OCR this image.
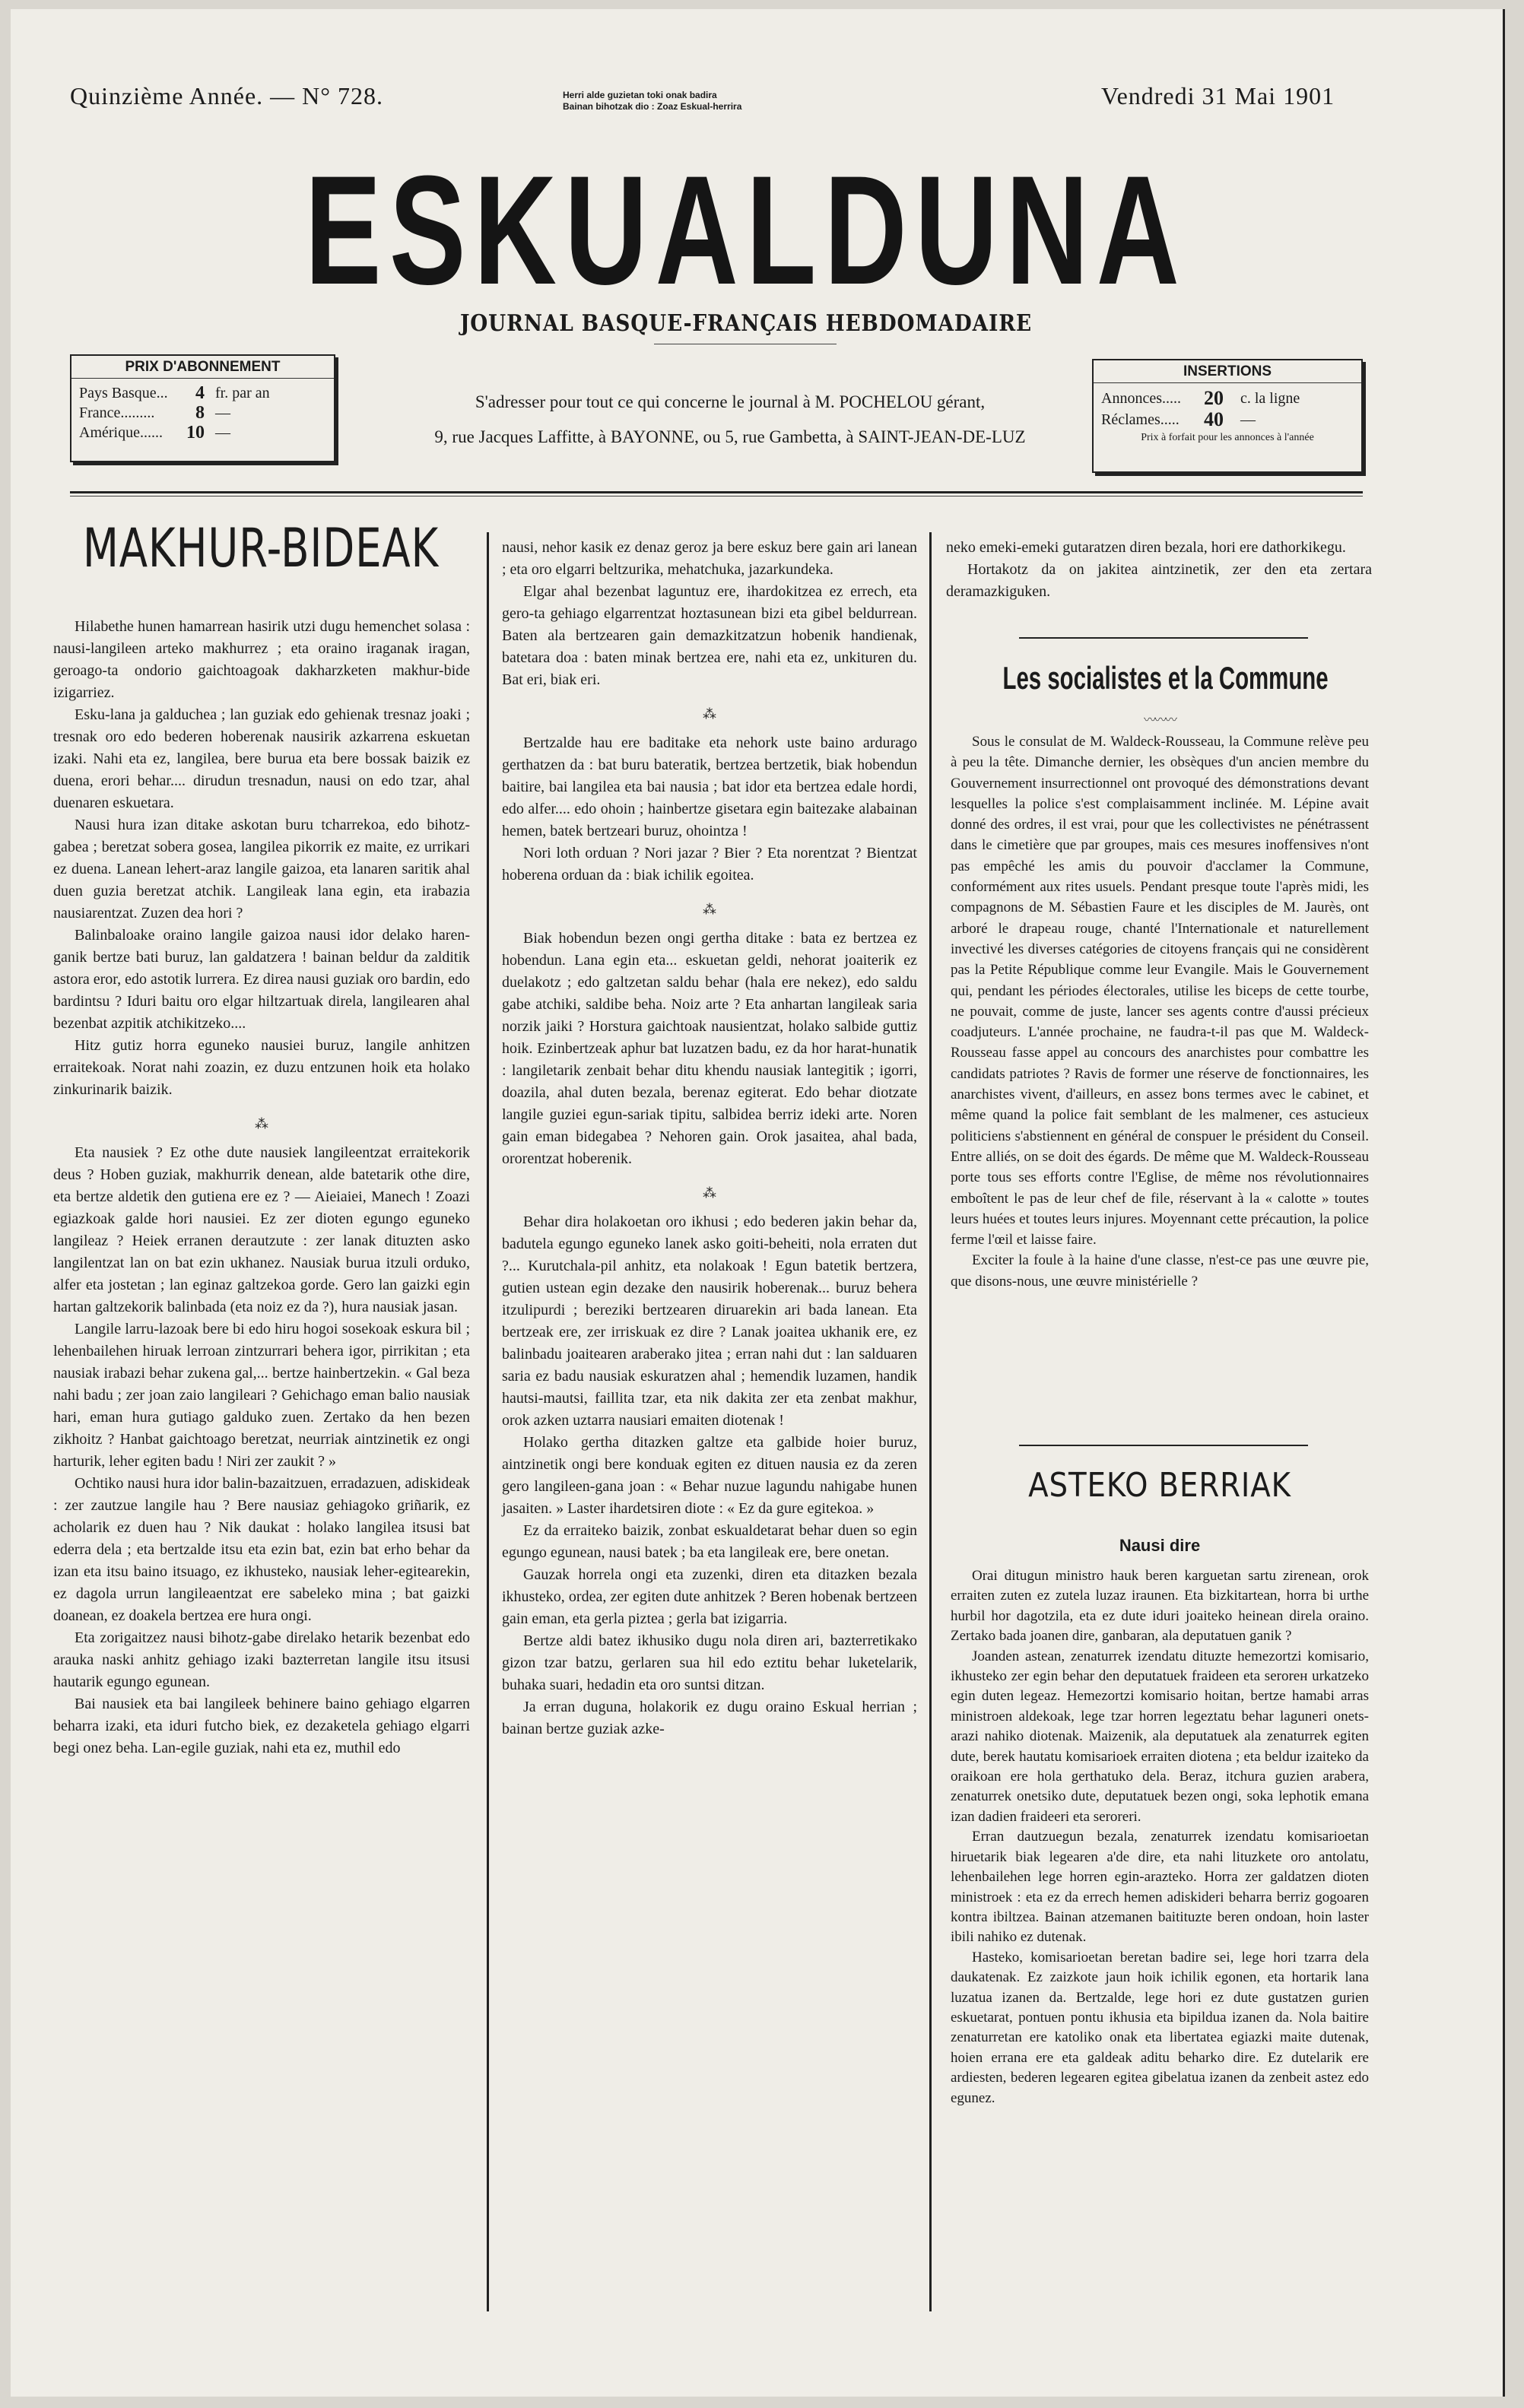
Quinzième Année. — N° 728.	Herri alde guzietan toki onak badira
Bainan bihotzak dio : Zoaz Eskual-herrira	Vendredi 31 Mai 1901
ESKUALDUNA
JOURNAL BASQUE-FRANÇAIS HEBDOMADAIRE
PRIX D'ABONNEMENT
Pays Basque...	4 fr. par an
France.........	8 —
Amérique......	10 —
S'adresser pour tout ce qui concerne le journal à M. POCHELOU gérant,
9, rue Jacques Laffitte, à BAYONNE, ou 5, rue Gambetta, à SAINT-JEAN-DE-LUZ
INSERTIONS
Annonces.....	20	c. la ligne
Réclames.....	40	—
Prix à forfait pour les annonces à l'année
MAKHUR-BIDEAK

Hilabethe hunen hamarrean hasirik utzi dugu hemenchet solasa : nausi-langileen arteko makhurrez ; eta oraino iraganak iragan, geroago-ta ondorio gaichtoagoak dakharzketen makhur-bide izigarriez.

Esku-lana ja galduchea ; lan guziak edo gehienak tresnaz joaki ; tresnak oro edo bederen hoberenak nausirik azkarrena eskuetan izaki. Nahi eta ez, langilea, bere burua eta bere bossak baizik ez duena, erori behar.... dirudun tresnadun, nausi on edo tzar, ahal duenaren eskuetara.

Nausi hura izan ditake askotan buru tcharrekoa, edo bihotz-gabea ; beretzat sobera gosea, langilea pikorrik ez maite, ez urrikari ez duena. Lanean lehert-araz langile gaizoa, eta lanaren saritik ahal duen guzia beretzat atchik. Langileak lana egin, eta irabazia nausiarentzat. Zuzen dea hori ?

Balinbaloake oraino langile gaizoa nausi idor delako haren-ganik bertze bati buruz, lan galdatzera ! bainan beldur da zalditik astora eror, edo astotik lurrera. Ez direa nausi guziak oro bardin, edo bardintsu ? Iduri baitu oro elgar hiltzartuak direla, langilearen ahal bezenbat azpitik atchikitzeko....

Hitz gutiz horra eguneko nausiei buruz, langile anhitzen erraitekoak. Norat nahi zoazin, ez duzu entzunen hoik eta holako zinkurinarik baizik.

⁂

Eta nausiek ? Ez othe dute nausiek langileentzat erraitekorik deus ? Hoben guziak, makhurrik denean, alde batetarik othe dire, eta bertze aldetik den gutiena ere ez ? — Aieiaiei, Manech ! Zoazi egiazkoak galde hori nausiei. Ez zer dioten egungo eguneko langileaz ? Heiek erranen derautzute : zer lanak dituzten asko langilentzat lan on bat ezin ukhanez. Nausiak burua itzuli orduko, alfer eta jostetan ; lan eginaz galtzekoa gorde. Gero lan gaizki egin hartan galtzekorik balinbada (eta noiz ez da ?), hura nausiak jasan.

Langile larru-lazoak bere bi edo hiru hogoi sosekoak eskura bil ; lehenbailehen hiruak lerroan zintzurrari behera igor, pirrikitan ; eta nausiak irabazi behar zukena gal,... bertze hainbertzekin. « Gal beza nahi badu ; zer joan zaio langileari ? Gehichago eman balio nausiak hari, eman hura gutiago galduko zuen. Zertako da hen bezen zikhoitz ? Hanbat gaichtoago beretzat, neurriak aintzinetik ez ongi harturik, leher egiten badu ! Niri zer zaukit ? »

Ochtiko nausi hura idor balin-bazaitzuen, erradazuen, adiskideak : zer zautzue langile hau ? Bere nausiaz gehiagoko griñarik, ez acholarik ez duen hau ? Nik daukat : holako langilea itsusi bat ederra dela ; eta bertzalde itsu eta ezin bat, ezin bat erho behar da izan eta itsu baino itsuago, ez ikhusteko, nausiak leher-egitearekin, ez dagola urrun langileaentzat ere sabeleko mina ; bat gaizki doanean, ez doakela bertzea ere hura ongi.

Eta zorigaitzez nausi bihotz-gabe direlako hetarik bezenbat edo arauka naski anhitz gehiago izaki bazterretan langile itsu itsusi hautarik egungo egunean.

Bai nausiek eta bai langileek behinere baino gehiago elgarren beharra izaki, eta iduri futcho biek, ez dezaketela gehiago elgarri begi onez beha. Lan-egile guziak, nahi eta ez, muthil edo

nausi, nehor kasik ez denaz geroz ja bere eskuz bere gain ari lanean ; eta oro elgarri beltzurika, mehatchuka, jazarkundeka.

Elgar ahal bezenbat laguntuz ere, ihardokitzea ez errech, eta gero-ta gehiago elgarrentzat hoztasunean bizi eta gibel beldurrean. Baten ala bertzearen gain demazkitzatzun hobenik handienak, batetara doa : baten minak bertzea ere, nahi eta ez, unkituren du. Bat eri, biak eri.

⁂

Bertzalde hau ere baditake eta nehork uste baino ardurago gerthatzen da : bat buru bateratik, bertzea bertzetik, biak hobendun baitire, bai langilea eta bai nausia ; bat idor eta bertzea edale hordi, edo alfer.... edo ohoin ; hainbertze gisetara egin baitezake alabainan hemen, batek bertzeari buruz, ohointza !

Nori loth orduan ? Nori jazar ? Bier ? Eta norentzat ? Bientzat hoberena orduan da : biak ichilik egoitea.

⁂

Biak hobendun bezen ongi gertha ditake : bata ez bertzea ez hobendun. Lana egin eta... eskuetan geldi, nehorat joaiterik ez duelakotz ; edo galtzetan saldu behar (hala ere nekez), edo saldu gabe atchiki, saldibe beha. Noiz arte ? Eta anhartan langileak saria norzik jaiki ? Horstura gaichtoak nausientzat, holako salbide guttiz hoik. Ezinbertzeak aphur bat luzatzen badu, ez da hor harat-hunatik : langiletarik zenbait behar ditu khendu nausiak lantegitik ; igorri, doazila, ahal duten bezala, berenaz egiterat. Edo behar diotzate langile guziei egun-sariak tipitu, salbidea berriz ideki arte. Noren gain eman bidegabea ? Nehoren gain. Orok jasaitea, ahal bada, ororentzat hoberenik.

⁂

Behar dira holakoetan oro ikhusi ; edo bederen jakin behar da, badutela egungo eguneko lanek asko goiti-beheiti, nola erraten dut ?... Kurutchala-pil anhitz, eta nolakoak ! Egun batetik bertzera, gutien ustean egin dezake den nausirik hoberenak... buruz behera itzulipurdi ; bereziki bertzearen diruarekin ari bada lanean. Eta bertzeak ere, zer irriskuak ez dire ? Lanak joaitea ukhanik ere, ez balinbadu joaitearen araberako jitea ; erran nahi dut : lan salduaren saria ez badu nausiak eskuratzen ahal ; hemendik luzamen, handik hautsi-mautsi, faillita tzar, eta nik dakita zer eta zenbat makhur, orok azken uztarra nausiari emaiten diotenak !

Holako gertha ditazken galtze eta galbide hoier buruz, aintzinetik ongi bere konduak egiten ez dituen nausia ez da zeren gero langileen-gana joan : « Behar nuzue lagundu nahigabe hunen jasaiten. » Laster ihardetsiren diote : « Ez da gure egitekoa. »

Ez da erraiteko baizik, zonbat eskualdetarat behar duen so egin egungo egunean, nausi batek ; ba eta langileak ere, bere onetan.

Gauzak horrela ongi eta zuzenki, diren eta ditazken bezala ikhusteko, ordea, zer egiten dute anhitzek ? Beren hobenak bertzeen gain eman, eta gerla piztea ; gerla bat izigarria.

Bertze aldi batez ikhusiko dugu nola diren ari, bazterretikako gizon tzar batzu, gerlaren sua hil edo eztitu behar luketelarik, buhaka suari, hedadin eta oro suntsi ditzan.

Ja erran duguna, holakorik ez dugu oraino Eskual herrian ; bainan bertze guziak azke-

neko emeki-emeki gutaratzen diren bezala, hori ere dathorkikegu.

Hortakotz da on jakitea aintzinetik, zer den eta zertara deramazkiguken.

Les socialistes et la Commune
〰〰〰

Sous le consulat de M. Waldeck-Rousseau, la Commune relève peu à peu la tête. Dimanche dernier, les obsèques d'un ancien membre du Gouvernement insurrectionnel ont provoqué des démonstrations devant lesquelles la police s'est complaisamment inclinée. M. Lépine avait donné des ordres, il est vrai, pour que les collectivistes ne pénétrassent dans le cimetière que par groupes, mais ces mesures inoffensives n'ont pas empêché les amis du pouvoir d'acclamer la Commune, conformément aux rites usuels. Pendant presque toute l'après midi, les compagnons de M. Sébastien Faure et les disciples de M. Jaurès, ont arboré le drapeau rouge, chanté l'Internationale et naturellement invectivé les diverses catégories de citoyens français qui ne considèrent pas la Petite République comme leur Evangile. Mais le Gouvernement qui, pendant les périodes électorales, utilise les biceps de cette tourbe, ne pouvait, comme de juste, lancer ses agents contre d'aussi précieux coadjuteurs. L'année prochaine, ne faudra-t-il pas que M. Waldeck-Rousseau fasse appel au concours des anarchistes pour combattre les candidats patriotes ? Ravis de former une réserve de fonctionnaires, les anarchistes vivent, d'ailleurs, en assez bons termes avec le cabinet, et même quand la police fait semblant de les malmener, ces astucieux politiciens s'abstiennent en général de conspuer le président du Conseil. Entre alliés, on se doit des égards. De même que M. Waldeck-Rousseau porte tous ses efforts contre l'Eglise, de même nos révolutionnaires emboîtent le pas de leur chef de file, réservant à la « calotte » toutes leurs huées et toutes leurs injures. Moyennant cette précaution, la police ferme l'œil et laisse faire.

Exciter la foule à la haine d'une classe, n'est-ce pas une œuvre pie, que disons-nous, une œuvre ministérielle ?

ASTEKO BERRIAK
Nausi dire

Orai ditugun ministro hauk beren karguetan sartu zirenean, orok erraiten zuten ez zutela luzaz iraunen. Eta bizkitartean, horra bi urthe hurbil hor dagotzila, eta ez dute iduri joaiteko heinean direla oraino. Zertako bada joanen dire, ganbaran, ala deputatuen ganik ?

Joanden astean, zenaturrek izendatu dituzte hemezortzi komisario, ikhusteko zer egin behar den deputatuek fraideen eta serorен urkatzeko egin duten legeaz. Hemezortzi komisario hoitan, bertze hamabi arras ministroen aldekoak, lege tzar horren legeztatu behar lagunеri onets-arazi nahiko diotenak. Maizenik, ala deputatuek ala zenaturrek egiten dute, berek hautatu komisarioek erraiten diotena ; eta beldur izaiteko da oraikoan ere hola gerthatuko dela. Beraz, itchura guzien arabera, zenaturrek onetsiko dute, deputatuek bezen ongi, soka lephotik emana izan dadien fraideeri eta serorеri.

Erran dautzuegun bezala, zenaturrek izendatu komisarioetan hiruetarik biak legearen a'de dire, eta nahi lituzkete oro antolatu, lehenbailehen lege horren egin-arazteko. Horra zer galdatzen dioten ministroek : eta ez da errech hemen adiskideri beharra berriz gogoaren kontra ibiltzea. Bainan atzemanen baitituzte beren ondoan, hoin laster ibili nahiko ez dutenak.

Hasteko, komisarioetan beretan badire sei, lege hori tzarra dela daukatenak. Ez zaizkote jaun hoik ichilik egonen, eta hortarik lana luzatua izanen da. Bertzalde, lege hori ez dute gustatzen gurien eskuetarat, pontuen pontu ikhusia eta bipildua izanen da. Nola baitire zenaturretan ere katoliko onak eta libertatea egiazki maite dutenak, hoien errana ere eta galdeak aditu beharko dire. Ez dutelarik ere ardiesten, bederen legearen egitea gibelatua izanen da zenbeit astez edo egunez.
